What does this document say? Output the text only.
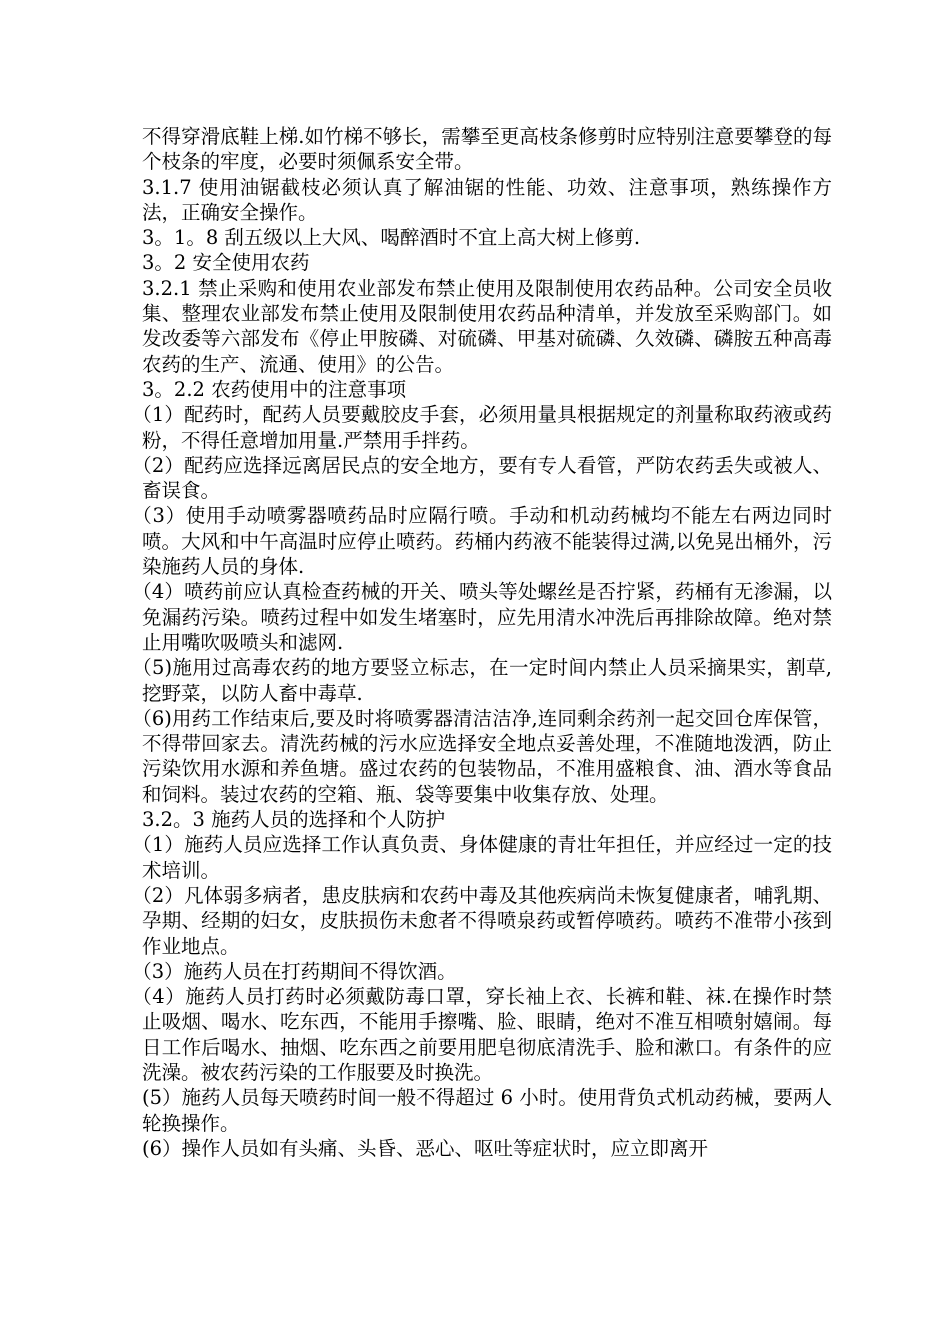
不得穿滑底鞋上梯.如竹梯不够长，需攀至更高枝条修剪时应特别注意要攀登的每个枝条的牢度，必要时须佩系安全带。

3.1.7 使用油锯截枝必须认真了解油锯的性能、功效、注意事项，熟练操作方法，正确安全操作。

3。1。8 刮五级以上大风、喝醉酒时不宜上高大树上修剪.

3。2 安全使用农药

3.2.1 禁止采购和使用农业部发布禁止使用及限制使用农药品种。公司安全员收集、整理农业部发布禁止使用及限制使用农药品种清单，并发放至采购部门。如发改委等六部发布《停止甲胺磷、对硫磷、甲基对硫磷、久效磷、磷胺五种高毒农药的生产、流通、使用》的公告。

3。2.2 农药使用中的注意事项

（1）配药时，配药人员要戴胶皮手套，必须用量具根据规定的剂量称取药液或药粉，不得任意增加用量.严禁用手拌药。

（2）配药应选择远离居民点的安全地方，要有专人看管，严防农药丢失或被人、畜误食。

（3）使用手动喷雾器喷药品时应隔行喷。手动和机动药械均不能左右两边同时喷。大风和中午高温时应停止喷药。药桶内药液不能装得过满,以免晃出桶外，污染施药人员的身体.

（4）喷药前应认真检查药械的开关、喷头等处螺丝是否拧紧，药桶有无渗漏，以免漏药污染。喷药过程中如发生堵塞时，应先用清水冲洗后再排除故障。绝对禁止用嘴吹吸喷头和滤网.

（5)施用过高毒农药的地方要竖立标志，在一定时间内禁止人员采摘果实，割草,挖野菜，以防人畜中毒草.

（6)用药工作结束后,要及时将喷雾器清洁洁净,连同剩余药剂一起交回仓库保管，不得带回家去。清洗药械的污水应选择安全地点妥善处理，不准随地泼洒，防止污染饮用水源和养鱼塘。盛过农药的包装物品，不准用盛粮食、油、酒水等食品和饲料。装过农药的空箱、瓶、袋等要集中收集存放、处理。

3.2。3 施药人员的选择和个人防护

（1）施药人员应选择工作认真负责、身体健康的青壮年担任，并应经过一定的技术培训。

（2）凡体弱多病者，患皮肤病和农药中毒及其他疾病尚未恢复健康者，哺乳期、孕期、经期的妇女，皮肤损伤未愈者不得喷泉药或暂停喷药。喷药不准带小孩到作业地点。

（3）施药人员在打药期间不得饮酒。

（4）施药人员打药时必须戴防毒口罩，穿长袖上衣、长裤和鞋、袜.在操作时禁止吸烟、喝水、吃东西，不能用手擦嘴、脸、眼睛，绝对不准互相喷射嬉闹。每日工作后喝水、抽烟、吃东西之前要用肥皂彻底清洗手、脸和漱口。有条件的应洗澡。被农药污染的工作服要及时换洗。

(5）施药人员每天喷药时间一般不得超过 6 小时。使用背负式机动药械，要两人轮换操作。

(6）操作人员如有头痛、头昏、恶心、呕吐等症状时，应立即离开
